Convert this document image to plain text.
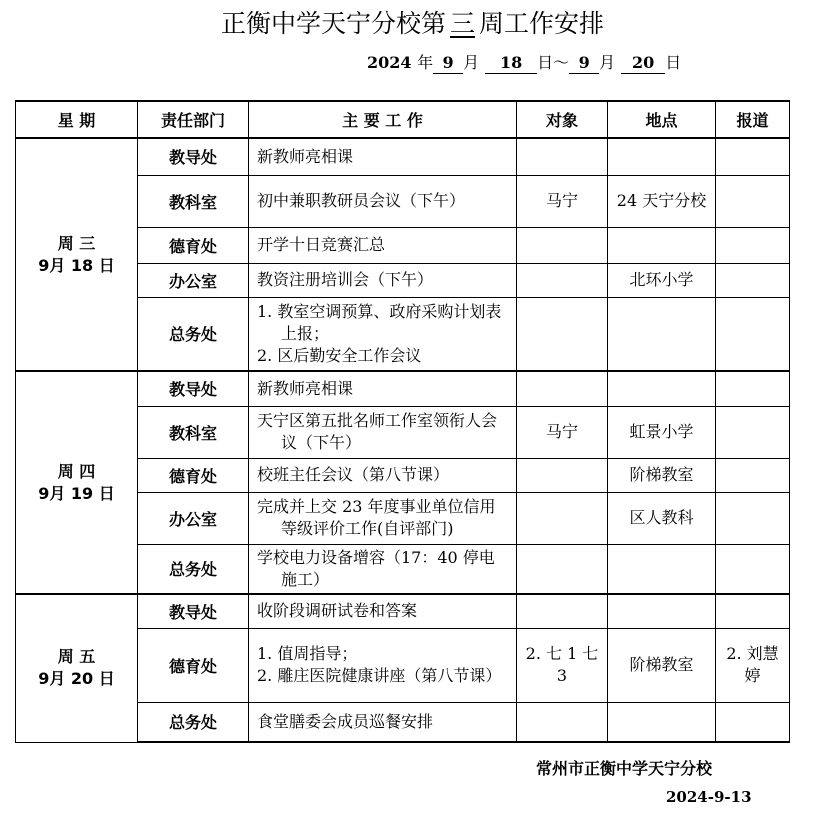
正衡中学天宁分校第 三 周工作安排
2024 年 9 月 18 日～ 9 月 20 日
星 期	责任部门	主 要 工 作	对象	地点	报道

周 三
9月 18 日	教导处	新教师亮相课			

	教科室	初中兼职教研员会议（下午）	马宁	24 天宁分校	
	德育处	开学十日竞赛汇总			

	办公室	教资注册培训会（下午）		北环小学	
	总务处	1. 教室空调预算、政府采购计划表上报；
2. 区后勤安全工作会议			

周 四
9月 19 日	教导处	新教师亮相课			

	教科室	天宁区第五批名师工作室领衔人会议（下午）	马宁	虹景小学	
	德育处	校班主任会议（第八节课）		阶梯教室	
	办公室	完成并上交 23 年度事业单位信用等级评价工作(自评部门)		区人教科	
	总务处	学校电力设备增容（17：40 停电施工）			

周 五
9月 20 日	教导处	收阶段调研试卷和答案			

	德育处	1. 值周指导；
2. 雕庄医院健康讲座（第八节课）	2. 七 1 七 3	阶梯教室	2. 刘慧婷
	总务处	食堂膳委会成员巡餐安排			

常州市正衡中学天宁分校
2024-9-13
